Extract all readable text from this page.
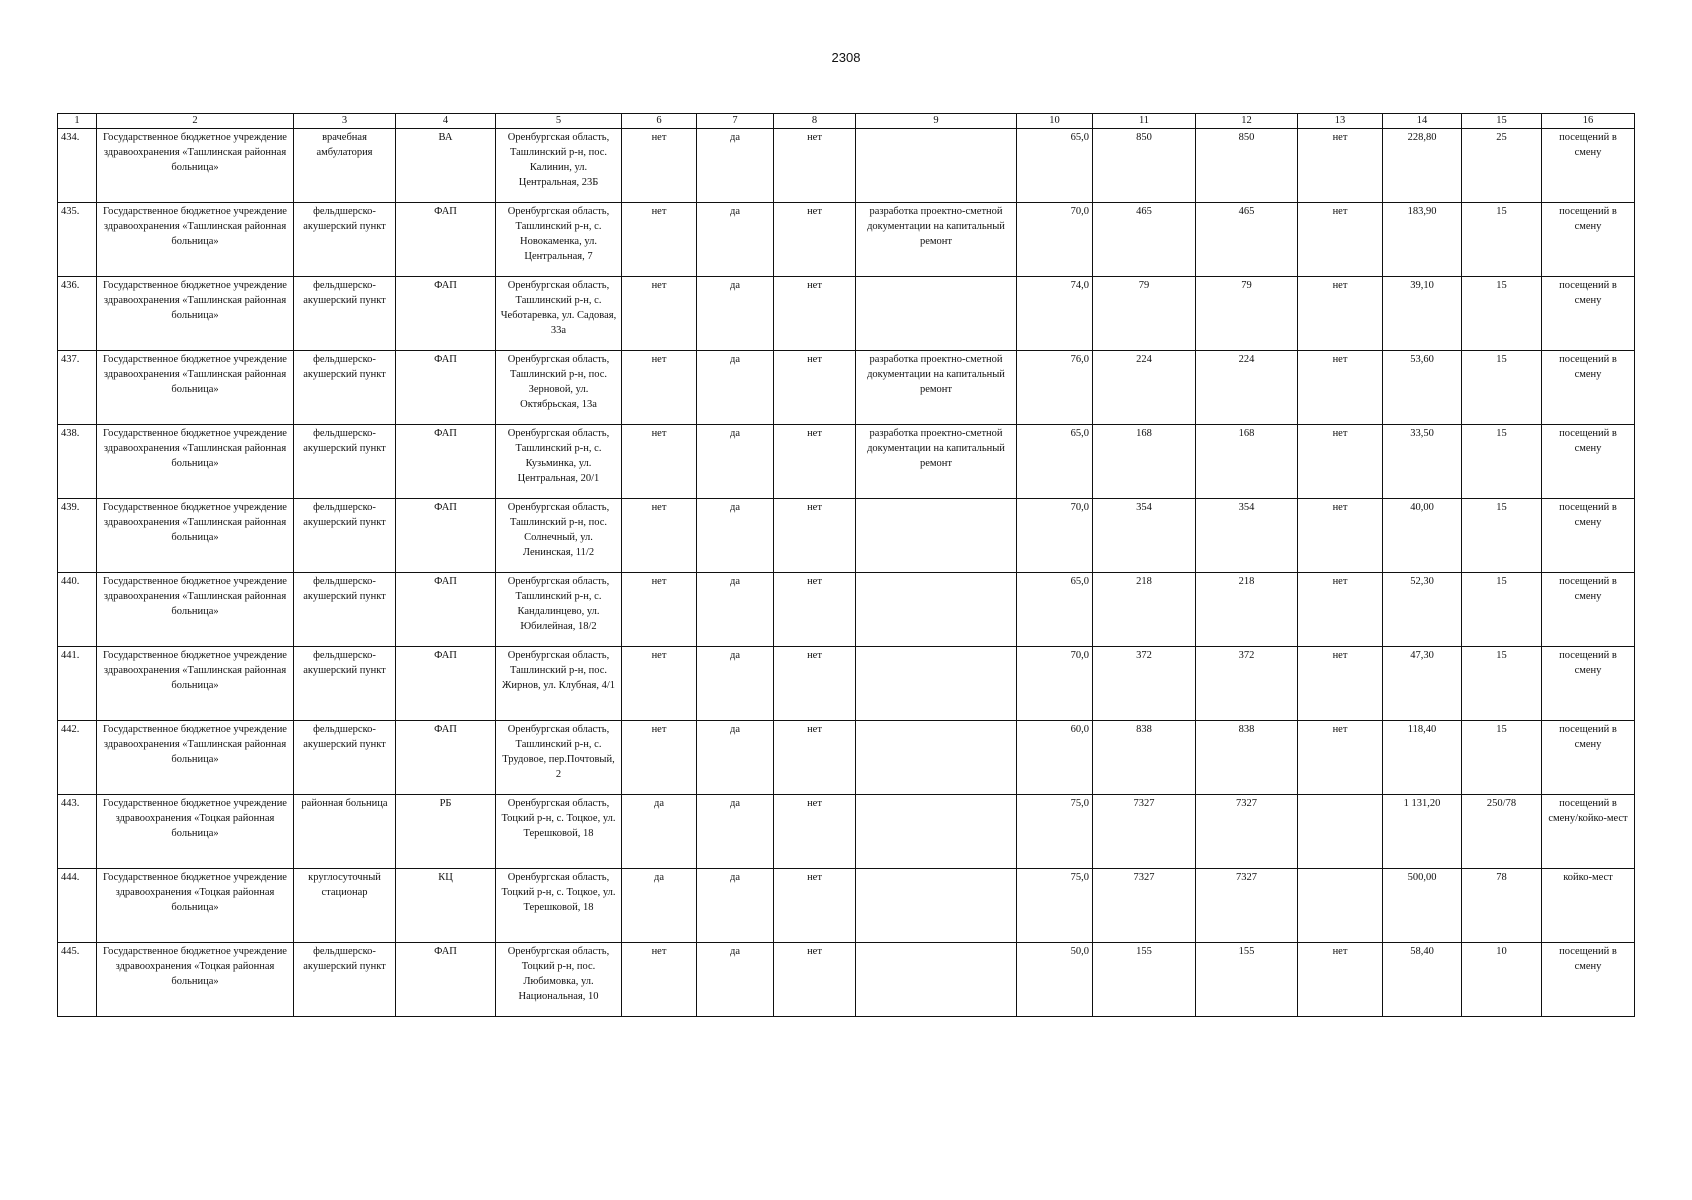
2308
1	2	3	4	5	6	7	8	9	10	11	12	13	14	15	16
434.	Государственное бюджетное учреждение здравоохранения «Ташлинская районная больница»	врачебная амбулатория	ВА	Оренбургская область, Ташлинский р-н, пос. Калинин, ул. Центральная, 23Б	нет	да	нет		65,0	850	850	нет	228,80	25	посещений в смену
435.	Государственное бюджетное учреждение здравоохранения «Ташлинская районная больница»	фельдшерско-акушерский пункт	ФАП	Оренбургская область, Ташлинский р-н, с. Новокаменка, ул. Центральная, 7	нет	да	нет	разработка проектно-сметной документации на капитальный ремонт	70,0	465	465	нет	183,90	15	посещений в смену
436.	Государственное бюджетное учреждение здравоохранения «Ташлинская районная больница»	фельдшерско-акушерский пункт	ФАП	Оренбургская область, Ташлинский р-н, с. Чеботаревка, ул. Садовая, 33а	нет	да	нет		74,0	79	79	нет	39,10	15	посещений в смену
437.	Государственное бюджетное учреждение здравоохранения «Ташлинская районная больница»	фельдшерско-акушерский пункт	ФАП	Оренбургская область, Ташлинский р-н, пос. Зерновой, ул. Октябрьская, 13а	нет	да	нет	разработка проектно-сметной документации на капитальный ремонт	76,0	224	224	нет	53,60	15	посещений в смену
438.	Государственное бюджетное учреждение здравоохранения «Ташлинская районная больница»	фельдшерско-акушерский пункт	ФАП	Оренбургская область, Ташлинский р-н, с. Кузьминка, ул. Центральная, 20/1	нет	да	нет	разработка проектно-сметной документации на капитальный ремонт	65,0	168	168	нет	33,50	15	посещений в смену
439.	Государственное бюджетное учреждение здравоохранения «Ташлинская районная больница»	фельдшерско-акушерский пункт	ФАП	Оренбургская область, Ташлинский р-н, пос. Солнечный, ул. Ленинская, 11/2	нет	да	нет		70,0	354	354	нет	40,00	15	посещений в смену
440.	Государственное бюджетное учреждение здравоохранения «Ташлинская районная больница»	фельдшерско-акушерский пункт	ФАП	Оренбургская область, Ташлинский р-н, с. Кандалинцево, ул. Юбилейная, 18/2	нет	да	нет		65,0	218	218	нет	52,30	15	посещений в смену
441.	Государственное бюджетное учреждение здравоохранения «Ташлинская районная больница»	фельдшерско-акушерский пункт	ФАП	Оренбургская область, Ташлинский р-н, пос. Жирнов, ул. Клубная, 4/1	нет	да	нет		70,0	372	372	нет	47,30	15	посещений в смену
442.	Государственное бюджетное учреждение здравоохранения «Ташлинская районная больница»	фельдшерско-акушерский пункт	ФАП	Оренбургская область, Ташлинский р-н, с. Трудовое, пер.Почтовый, 2	нет	да	нет		60,0	838	838	нет	118,40	15	посещений в смену
443.	Государственное бюджетное учреждение здравоохранения «Тоцкая районная больница»	районная больница	РБ	Оренбургская область, Тоцкий р-н, с. Тоцкое, ул. Терешковой, 18	да	да	нет		75,0	7327	7327		1 131,20	250/78	посещений в смену/койко-мест
444.	Государственное бюджетное учреждение здравоохранения «Тоцкая районная больница»	круглосуточный стационар	КЦ	Оренбургская область, Тоцкий р-н, с. Тоцкое, ул. Терешковой, 18	да	да	нет		75,0	7327	7327		500,00	78	койко-мест
445.	Государственное бюджетное учреждение здравоохранения «Тоцкая районная больница»	фельдшерско-акушерский пункт	ФАП	Оренбургская область, Тоцкий р-н, пос. Любимовка, ул. Национальная, 10	нет	да	нет		50,0	155	155	нет	58,40	10	посещений в смену
